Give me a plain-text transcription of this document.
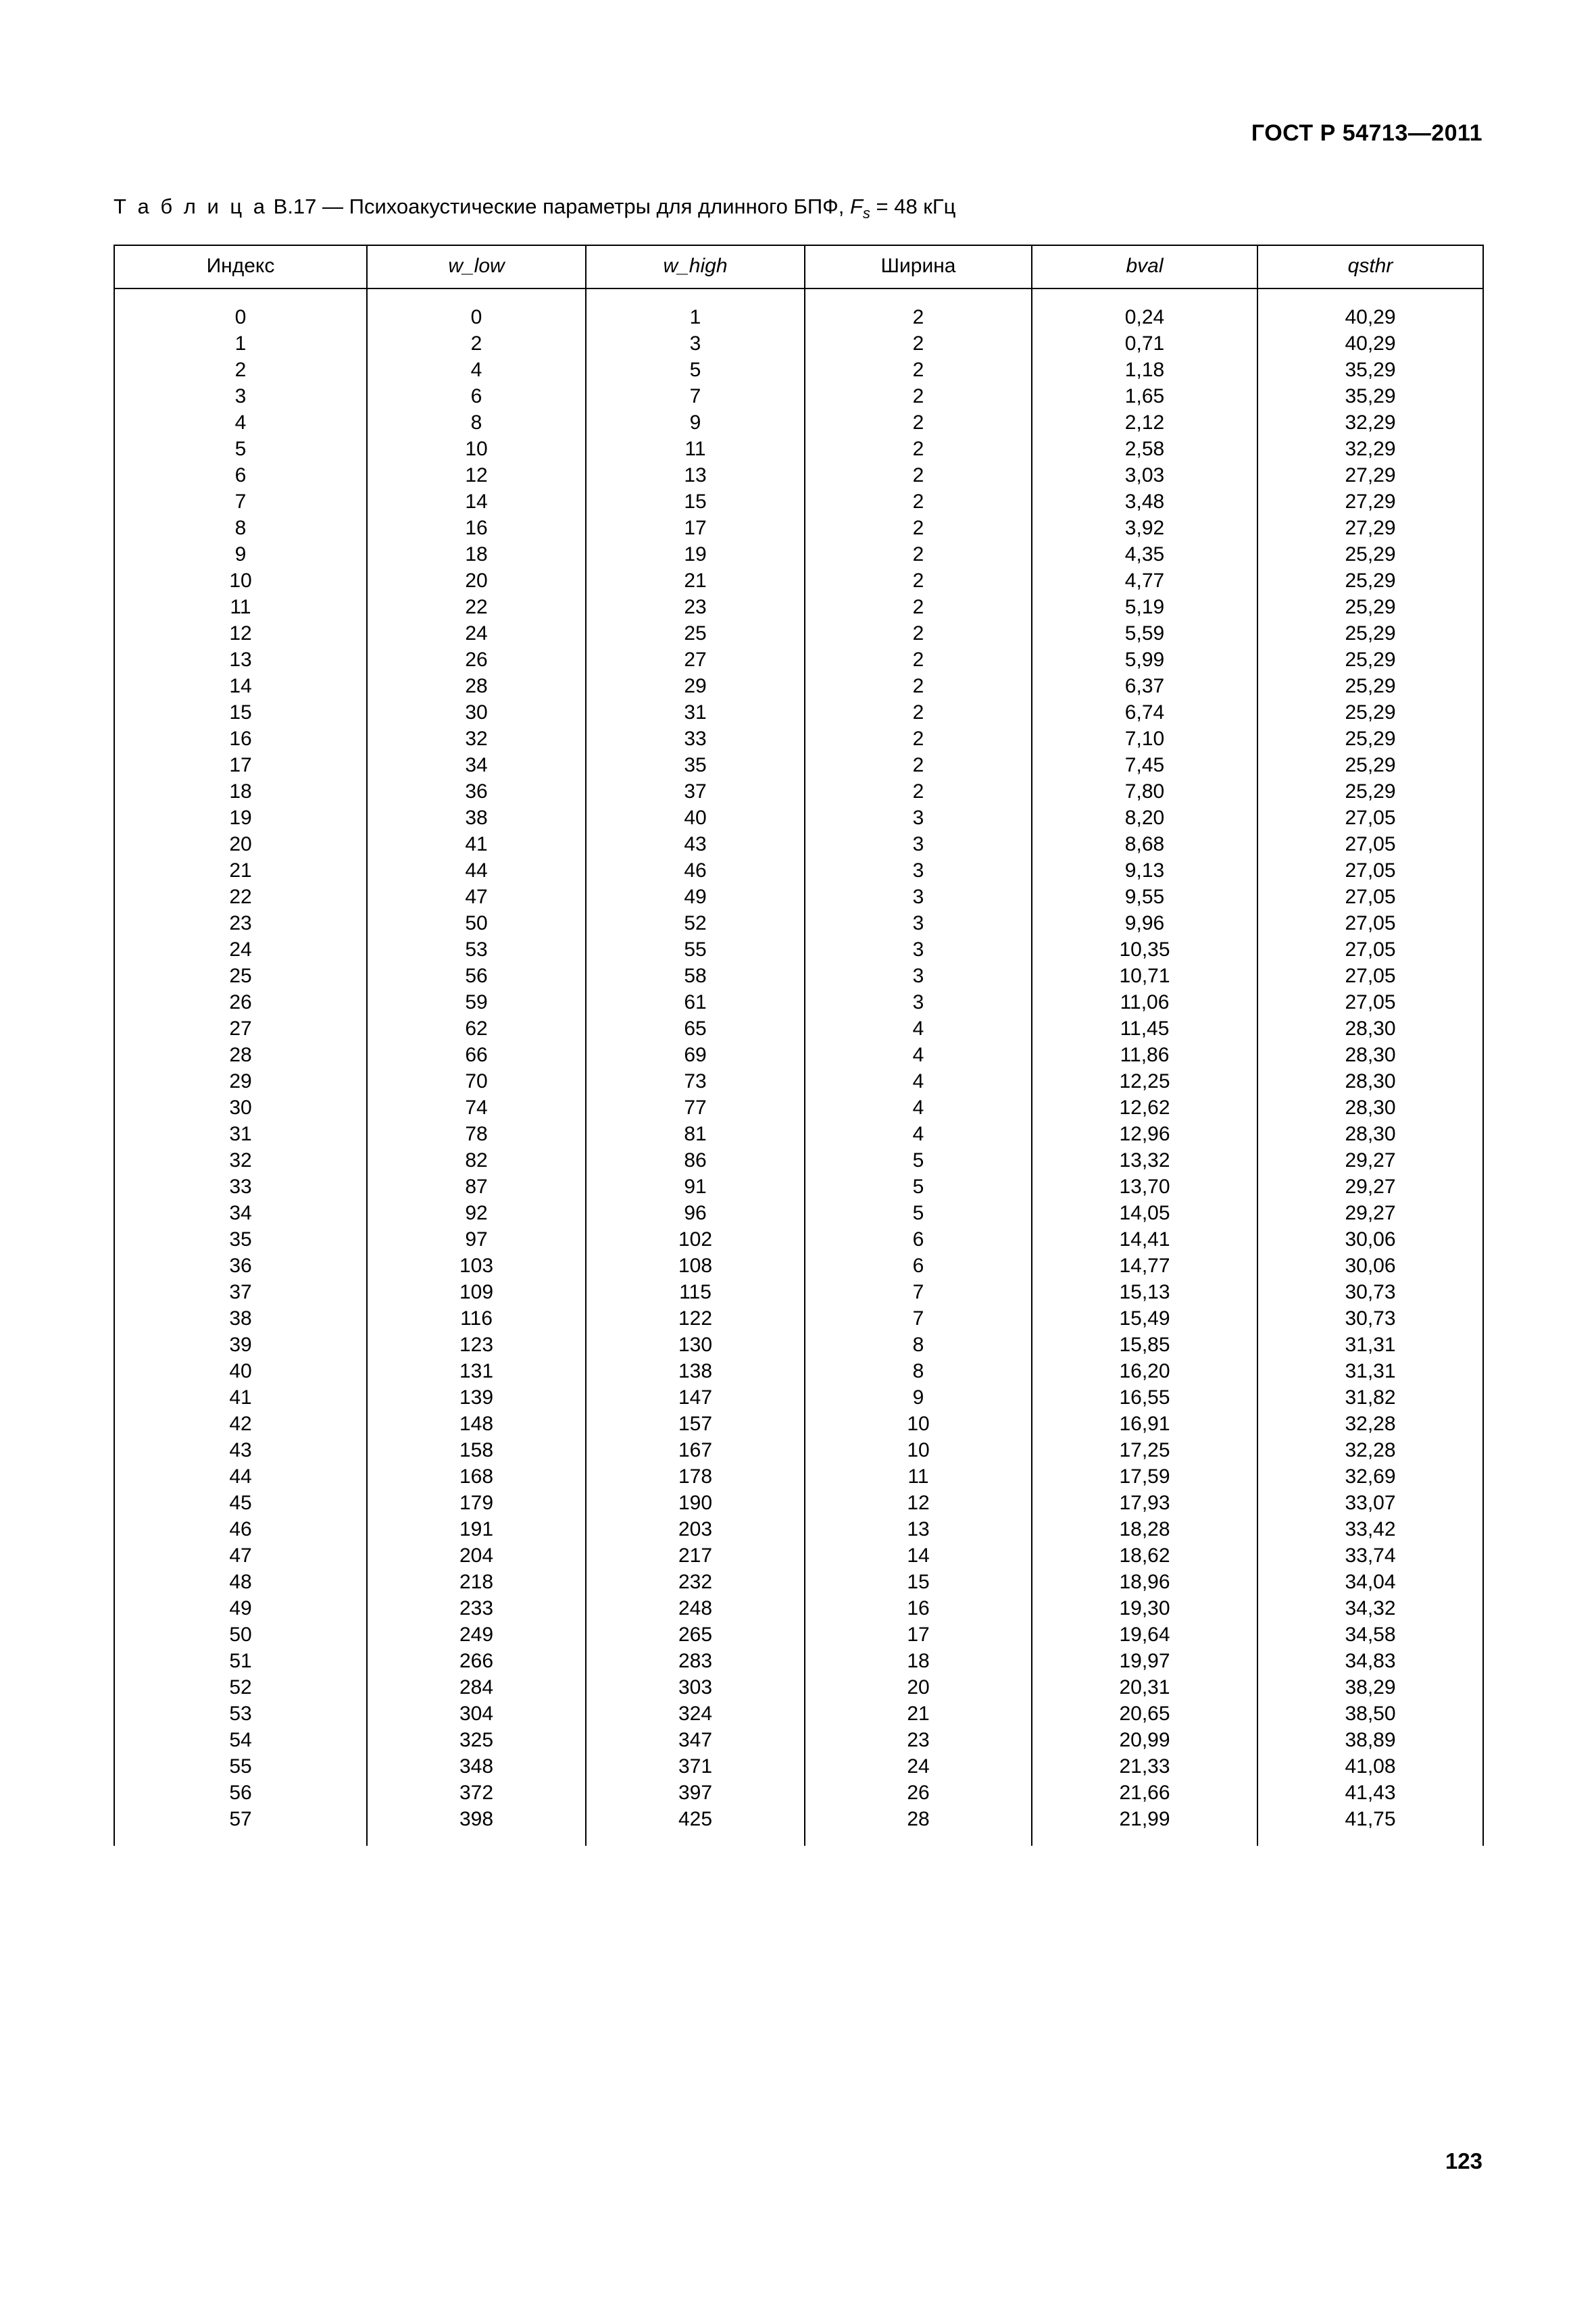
ГОСТ Р 54713—2011
Т а б л и ц а В.17 — Психоакустические параметры для длинного БПФ, $F_s = 48$ кГц
Индекс	w_low	w_high	Ширина	bval	qsthr
0	0	1	2	0,24	40,29
1	2	3	2	0,71	40,29
2	4	5	2	1,18	35,29
3	6	7	2	1,65	35,29
4	8	9	2	2,12	32,29
5	10	11	2	2,58	32,29
6	12	13	2	3,03	27,29
7	14	15	2	3,48	27,29
8	16	17	2	3,92	27,29
9	18	19	2	4,35	25,29
10	20	21	2	4,77	25,29
11	22	23	2	5,19	25,29
12	24	25	2	5,59	25,29
13	26	27	2	5,99	25,29
14	28	29	2	6,37	25,29
15	30	31	2	6,74	25,29
16	32	33	2	7,10	25,29
17	34	35	2	7,45	25,29
18	36	37	2	7,80	25,29
19	38	40	3	8,20	27,05
20	41	43	3	8,68	27,05
21	44	46	3	9,13	27,05
22	47	49	3	9,55	27,05
23	50	52	3	9,96	27,05
24	53	55	3	10,35	27,05
25	56	58	3	10,71	27,05
26	59	61	3	11,06	27,05
27	62	65	4	11,45	28,30
28	66	69	4	11,86	28,30
29	70	73	4	12,25	28,30
30	74	77	4	12,62	28,30
31	78	81	4	12,96	28,30
32	82	86	5	13,32	29,27
33	87	91	5	13,70	29,27
34	92	96	5	14,05	29,27
35	97	102	6	14,41	30,06
36	103	108	6	14,77	30,06
37	109	115	7	15,13	30,73
38	116	122	7	15,49	30,73
39	123	130	8	15,85	31,31
40	131	138	8	16,20	31,31
41	139	147	9	16,55	31,82
42	148	157	10	16,91	32,28
43	158	167	10	17,25	32,28
44	168	178	11	17,59	32,69
45	179	190	12	17,93	33,07
46	191	203	13	18,28	33,42
47	204	217	14	18,62	33,74
48	218	232	15	18,96	34,04
49	233	248	16	19,30	34,32
50	249	265	17	19,64	34,58
51	266	283	18	19,97	34,83
52	284	303	20	20,31	38,29
53	304	324	21	20,65	38,50
54	325	347	23	20,99	38,89
55	348	371	24	21,33	41,08
56	372	397	26	21,66	41,43
57	398	425	28	21,99	41,75
123
